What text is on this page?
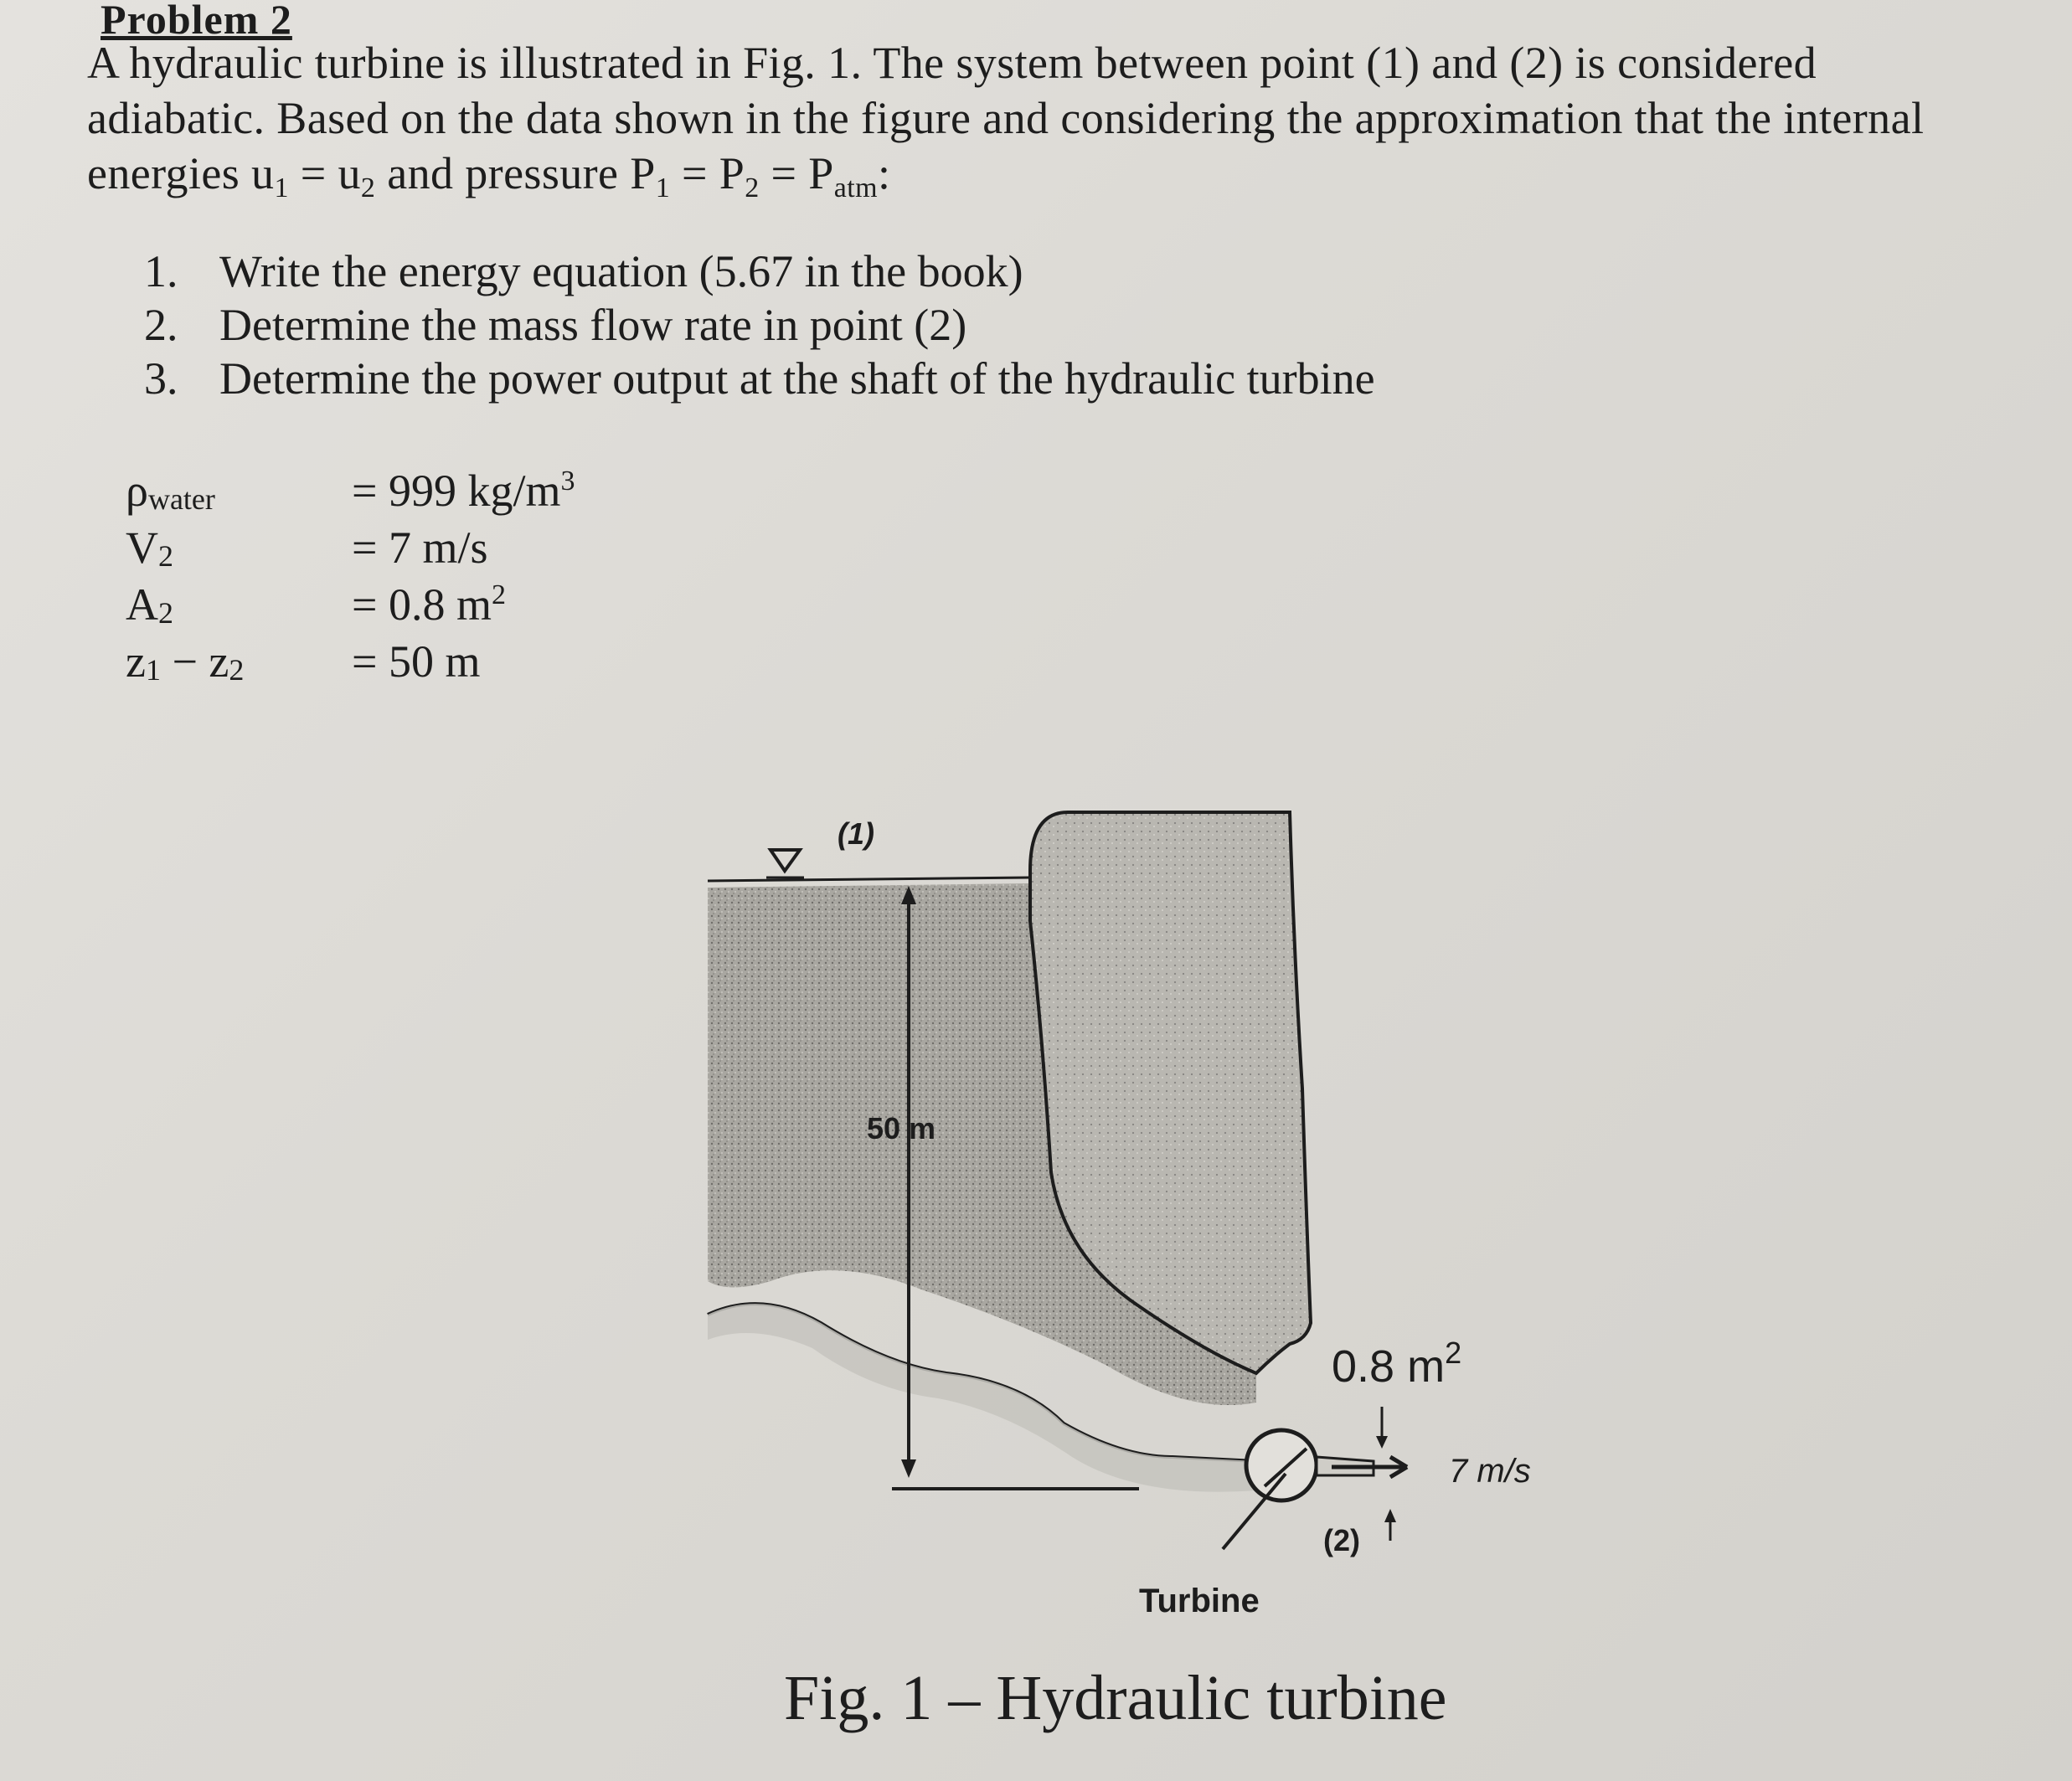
Problem 2
A hydraulic turbine is illustrated in Fig. 1. The system between point (1) and (2) is considered
adiabatic. Based on the data shown in the figure and considering the approximation that the internal
energies $u_1 = u_2$ and pressure $P_1 = P_2 = P_{atm}$:
1. Write the energy equation (5.67 in the book)
2. Determine the mass flow rate in point (2)
3. Determine the power output at the shaft of the hydraulic turbine
ρwater	= 999 $kg/m^3$
V2	= 7 m/s
A2	= 0.8 $m^2$
z1 − z2 = 50 m
(1)
50 m
0.8 $m^2$
7 m/s
(2)
Turbine
Fig. 1 – Hydraulic turbine
